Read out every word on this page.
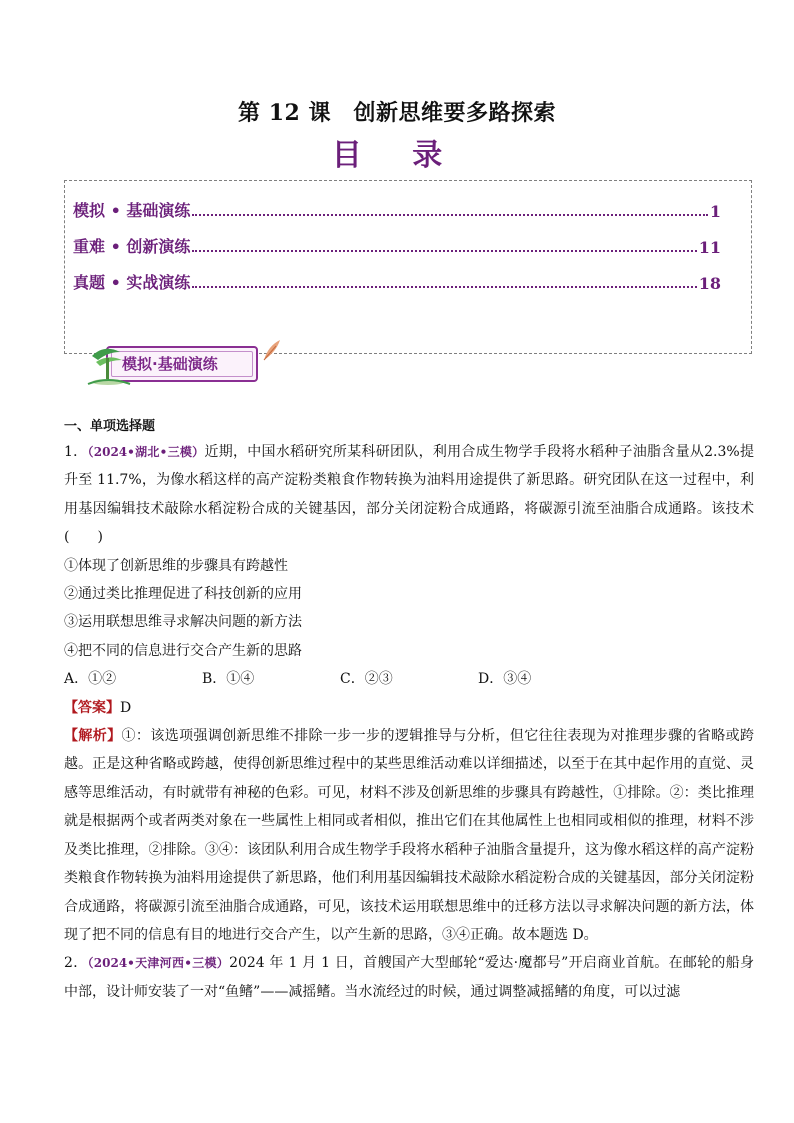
第 12 课　创新思维要多路探索
目 录
模拟 • 基础演练	1
重难 • 创新演练	11
真题 • 实战演练	18
模拟·基础演练
一、单项选择题

1．（2024•湖北•三模）近期，中国水稻研究所某科研团队，利用合成生物学手段将水稻种子油脂含量从2.3%提升至 11.7%，为像水稻这样的高产淀粉类粮食作物转换为油料用途提供了新思路。研究团队在这一过程中，利用基因编辑技术敲除水稻淀粉合成的关键基因，部分关闭淀粉合成通路，将碳源引流至油脂合成通路。该技术(　　)

①体现了创新思维的步骤具有跨越性

②通过类比推理促进了科技创新的应用

③运用联想思维寻求解决问题的新方法

④把不同的信息进行交合产生新的思路

A．①②	B．①④	C．②③	D．③④

【答案】D

【解析】①：该选项强调创新思维不排除一步一步的逻辑推导与分析，但它往往表现为对推理步骤的省略或跨越。正是这种省略或跨越，使得创新思维过程中的某些思维活动难以详细描述，以至于在其中起作用的直觉、灵感等思维活动，有时就带有神秘的色彩。可见，材料不涉及创新思维的步骤具有跨越性，①排除。②：类比推理就是根据两个或者两类对象在一些属性上相同或者相似，推出它们在其他属性上也相同或相似的推理，材料不涉及类比推理，②排除。③④：该团队利用合成生物学手段将水稻种子油脂含量提升，这为像水稻这样的高产淀粉类粮食作物转换为油料用途提供了新思路，他们利用基因编辑技术敲除水稻淀粉合成的关键基因，部分关闭淀粉合成通路，将碳源引流至油脂合成通路，可见，该技术运用联想思维中的迁移方法以寻求解决问题的新方法，体现了把不同的信息有目的地进行交合产生，以产生新的思路，③④正确。故本题选 D。

2．（2024•天津河西•三模）2024 年 1 月 1 日，首艘国产大型邮轮“爱达·魔都号”开启商业首航。在邮轮的船身中部，设计师安装了一对“鱼鳍”——减摇鳍。当水流经过的时候，通过调整减摇鳍的角度，可以过滤
